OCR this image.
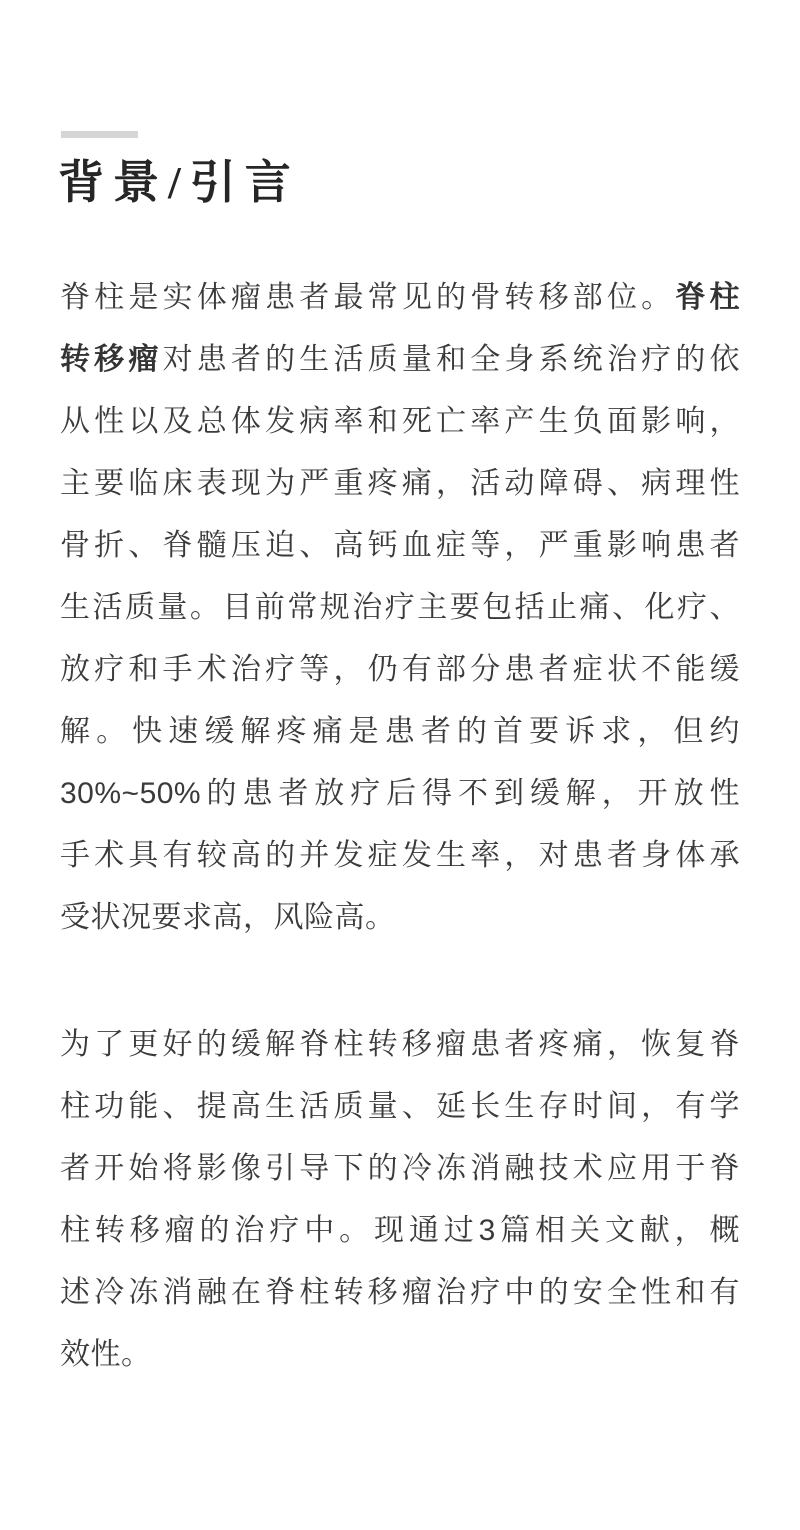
背景/引言
脊柱是实体瘤患者最常见的骨转移部位。脊柱
转移瘤对患者的生活质量和全身系统治疗的依
从性以及总体发病率和死亡率产生负面影响，
主要临床表现为严重疼痛，活动障碍、病理性
骨折、脊髓压迫、高钙血症等，严重影响患者
生活质量。目前常规治疗主要包括止痛、化疗、
放疗和手术治疗等，仍有部分患者症状不能缓
解。快速缓解疼痛是患者的首要诉求，但约
30%~50%的患者放疗后得不到缓解，开放性
手术具有较高的并发症发生率，对患者身体承
受状况要求高，风险高。
为了更好的缓解脊柱转移瘤患者疼痛，恢复脊
柱功能、提高生活质量、延长生存时间，有学
者开始将影像引导下的冷冻消融技术应用于脊
柱转移瘤的治疗中。现通过3篇相关文献，概
述冷冻消融在脊柱转移瘤治疗中的安全性和有
效性。
